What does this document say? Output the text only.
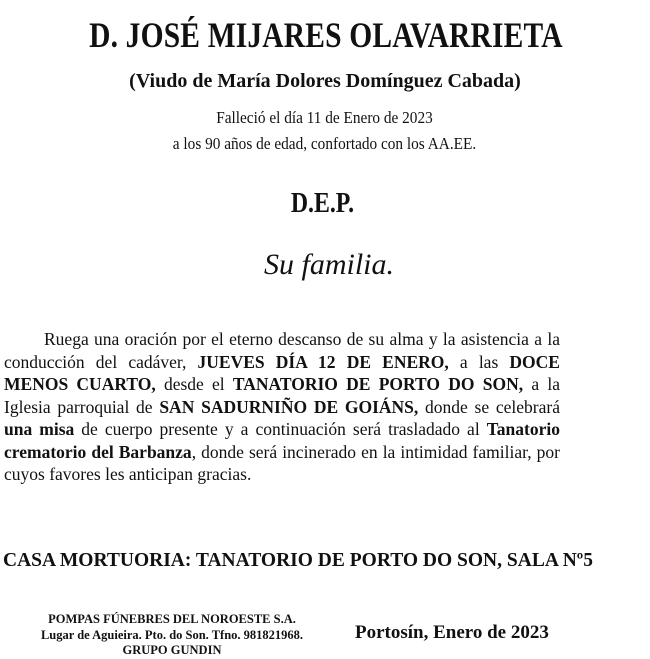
D. JOSÉ MIJARES OLAVARRIETA
(Viudo de María Dolores Domínguez Cabada)
Falleció el día 11 de Enero de 2023
a los 90 años de edad, confortado con los AA.EE.
D.E.P.
Su familia.
Ruega una oración por el eterno descanso de su alma y la asistencia a la conducción del cadáver, JUEVES DÍA 12 DE ENERO, a las DOCE MENOS CUARTO, desde el TANATORIO DE PORTO DO SON, a la Iglesia parroquial de SAN SADURNIÑO DE GOIÁNS, donde se celebrará una misa de cuerpo presente y a continuación será trasladado al Tanatorio crematorio del Barbanza, donde será incinerado en la intimidad familiar, por cuyos favores les anticipan gracias.
CASA MORTUORIA: TANATORIO DE PORTO DO SON, SALA Nº5
POMPAS FÚNEBRES DEL NOROESTE S.A.
Lugar de Aguieira. Pto. do Son. Tfno. 981821968.
GRUPO GUNDIN
Portosín, Enero de 2023
